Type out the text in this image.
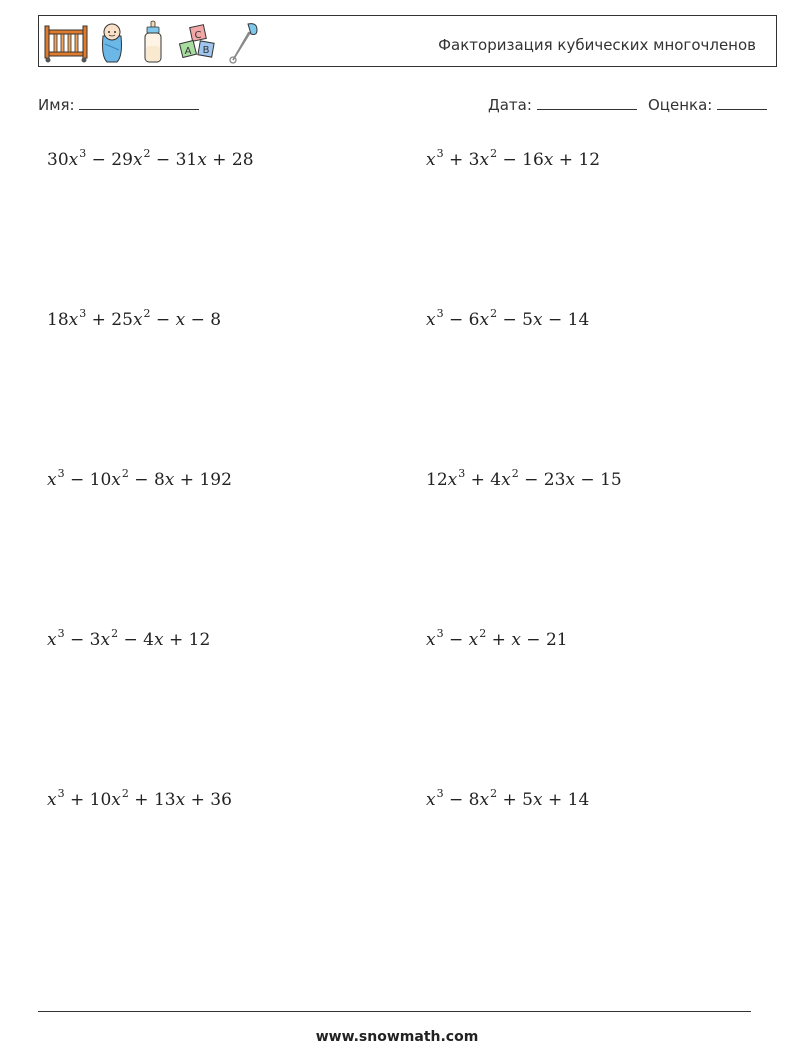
C
A B	Факторизация кубических многочленов
Имя:	Дата:	Оценка:
$30x^3 - 29x^2 - 31x + 28$	$x^3 + 3x^2 - 16x + 12$
$18x^3 + 25x^2 - x - 8$	$x^3 - 6x^2 - 5x - 14$
$x^3 - 10x^2 - 8x + 192$	$12x^3 + 4x^2 - 23x - 15$
$x^3 - 3x^2 - 4x + 12$	$x^3 - x^2 + x - 21$
$x^3 + 10x^2 + 13x + 36$	$x^3 - 8x^2 + 5x + 14$
www.snowmath.com
